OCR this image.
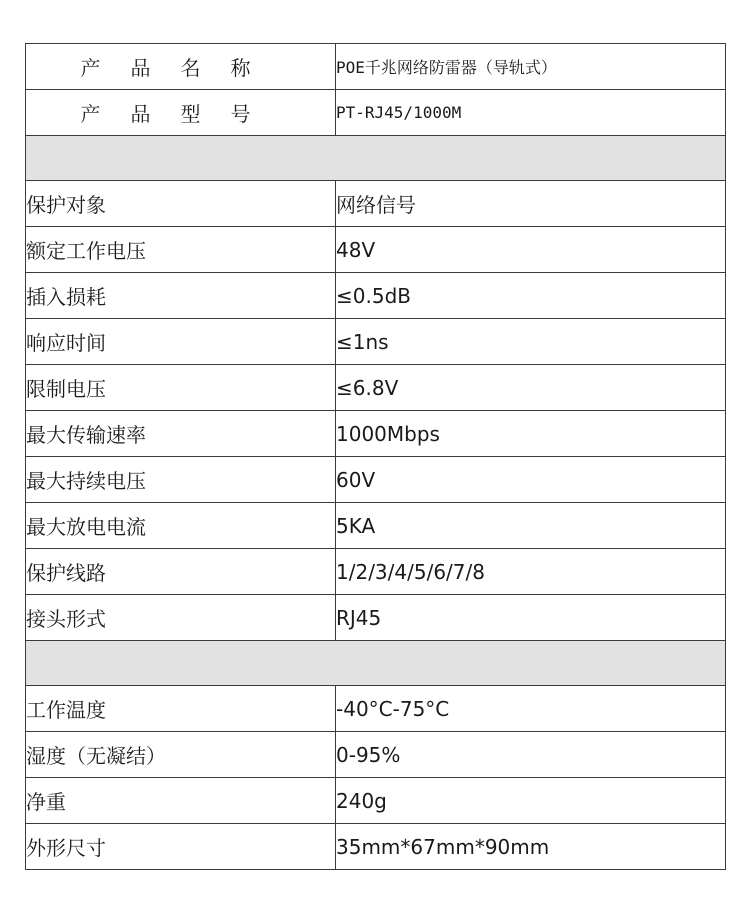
产品名称	POE千兆网络防雷器（导轨式）
产品型号	PT-RJ45/1000M

保护对象	网络信号
额定工作电压	48V
插入损耗	≤0.5dB
响应时间	≤1ns
限制电压	≤6.8V
最大传输速率	1000Mbps
最大持续电压	60V
最大放电电流	5KA
保护线路	1/2/3/4/5/6/7/8
接头形式	RJ45

工作温度	-40°C-75°C
湿度（无凝结）	0-95%
净重	240g
外形尺寸	35mm*67mm*90mm
